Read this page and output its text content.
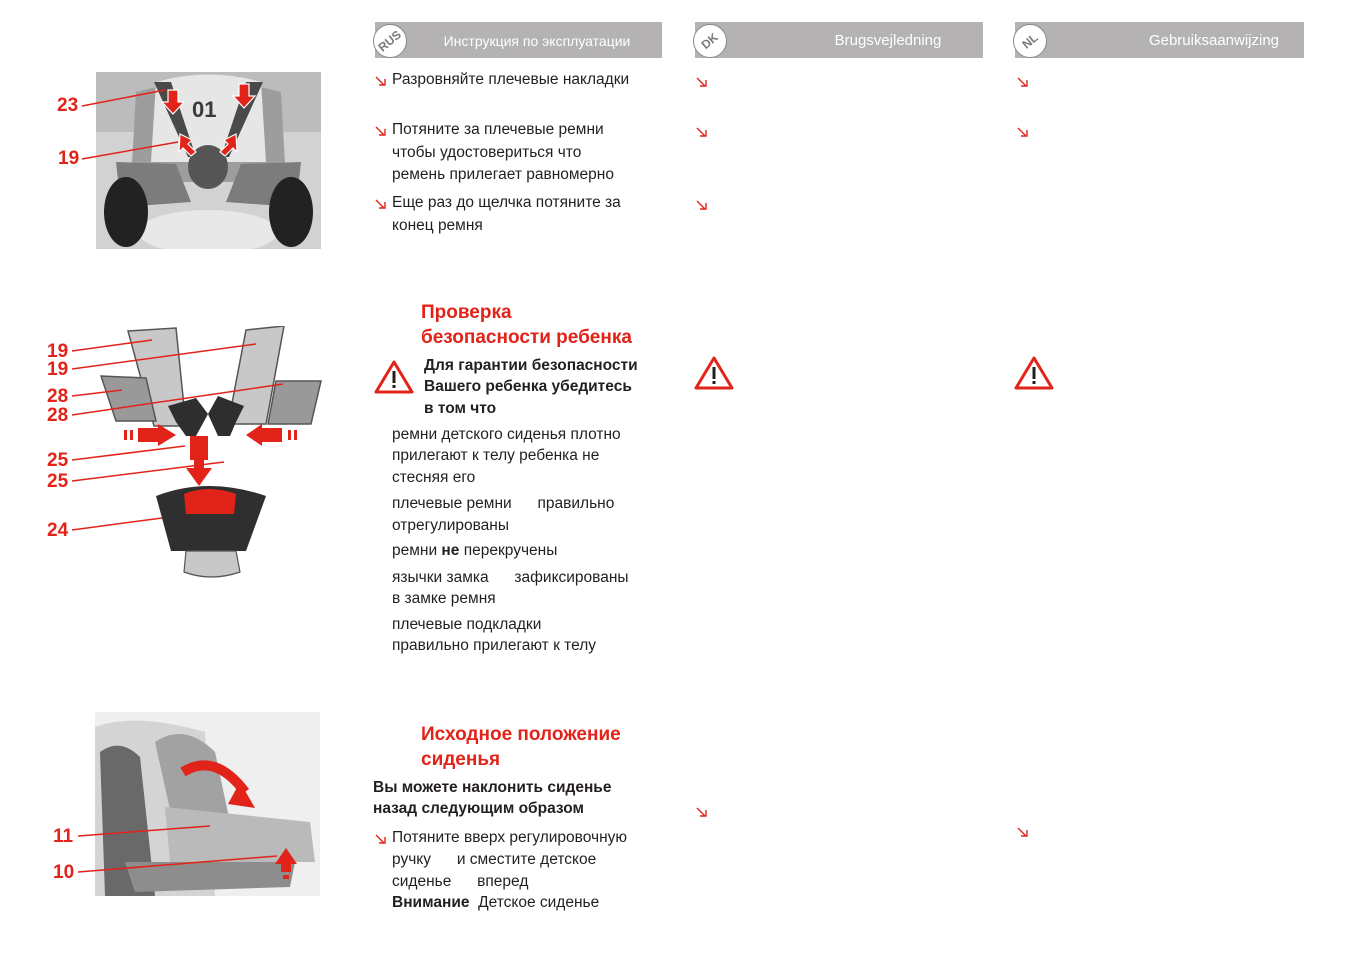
RUS	Инструкция по эксплуатации	DK	Brugsvejledning	NL	Gebruiksaanwijzing
01
23
19
19
19
28
28
25
25
24
11
10
Разровняйте плечевые накладки
Потяните за плечевые ремни
чтобы удостовериться что
ремень прилегает равномерно
Еще раз до щелчка потяните за
конец ремня
Проверка
безопасности ребенка
Для гарантии безопасности
Вашего ребенка убедитесь
в том что
ремни детского сиденья плотно
прилегают к телу ребенка не
стесняя его
плечевые ремни      правильно
отрегулированы
ремни не перекручены
язычки замка      зафиксированы
в замке ремня
плечевые подкладки
правильно прилегают к телу
Исходное положение
сиденья
Вы можете наклонить сиденье
назад следующим образом
Потяните вверх регулировочную
ручку      и сместите детское
сиденье      вперед
Внимание  Детское сиденье
